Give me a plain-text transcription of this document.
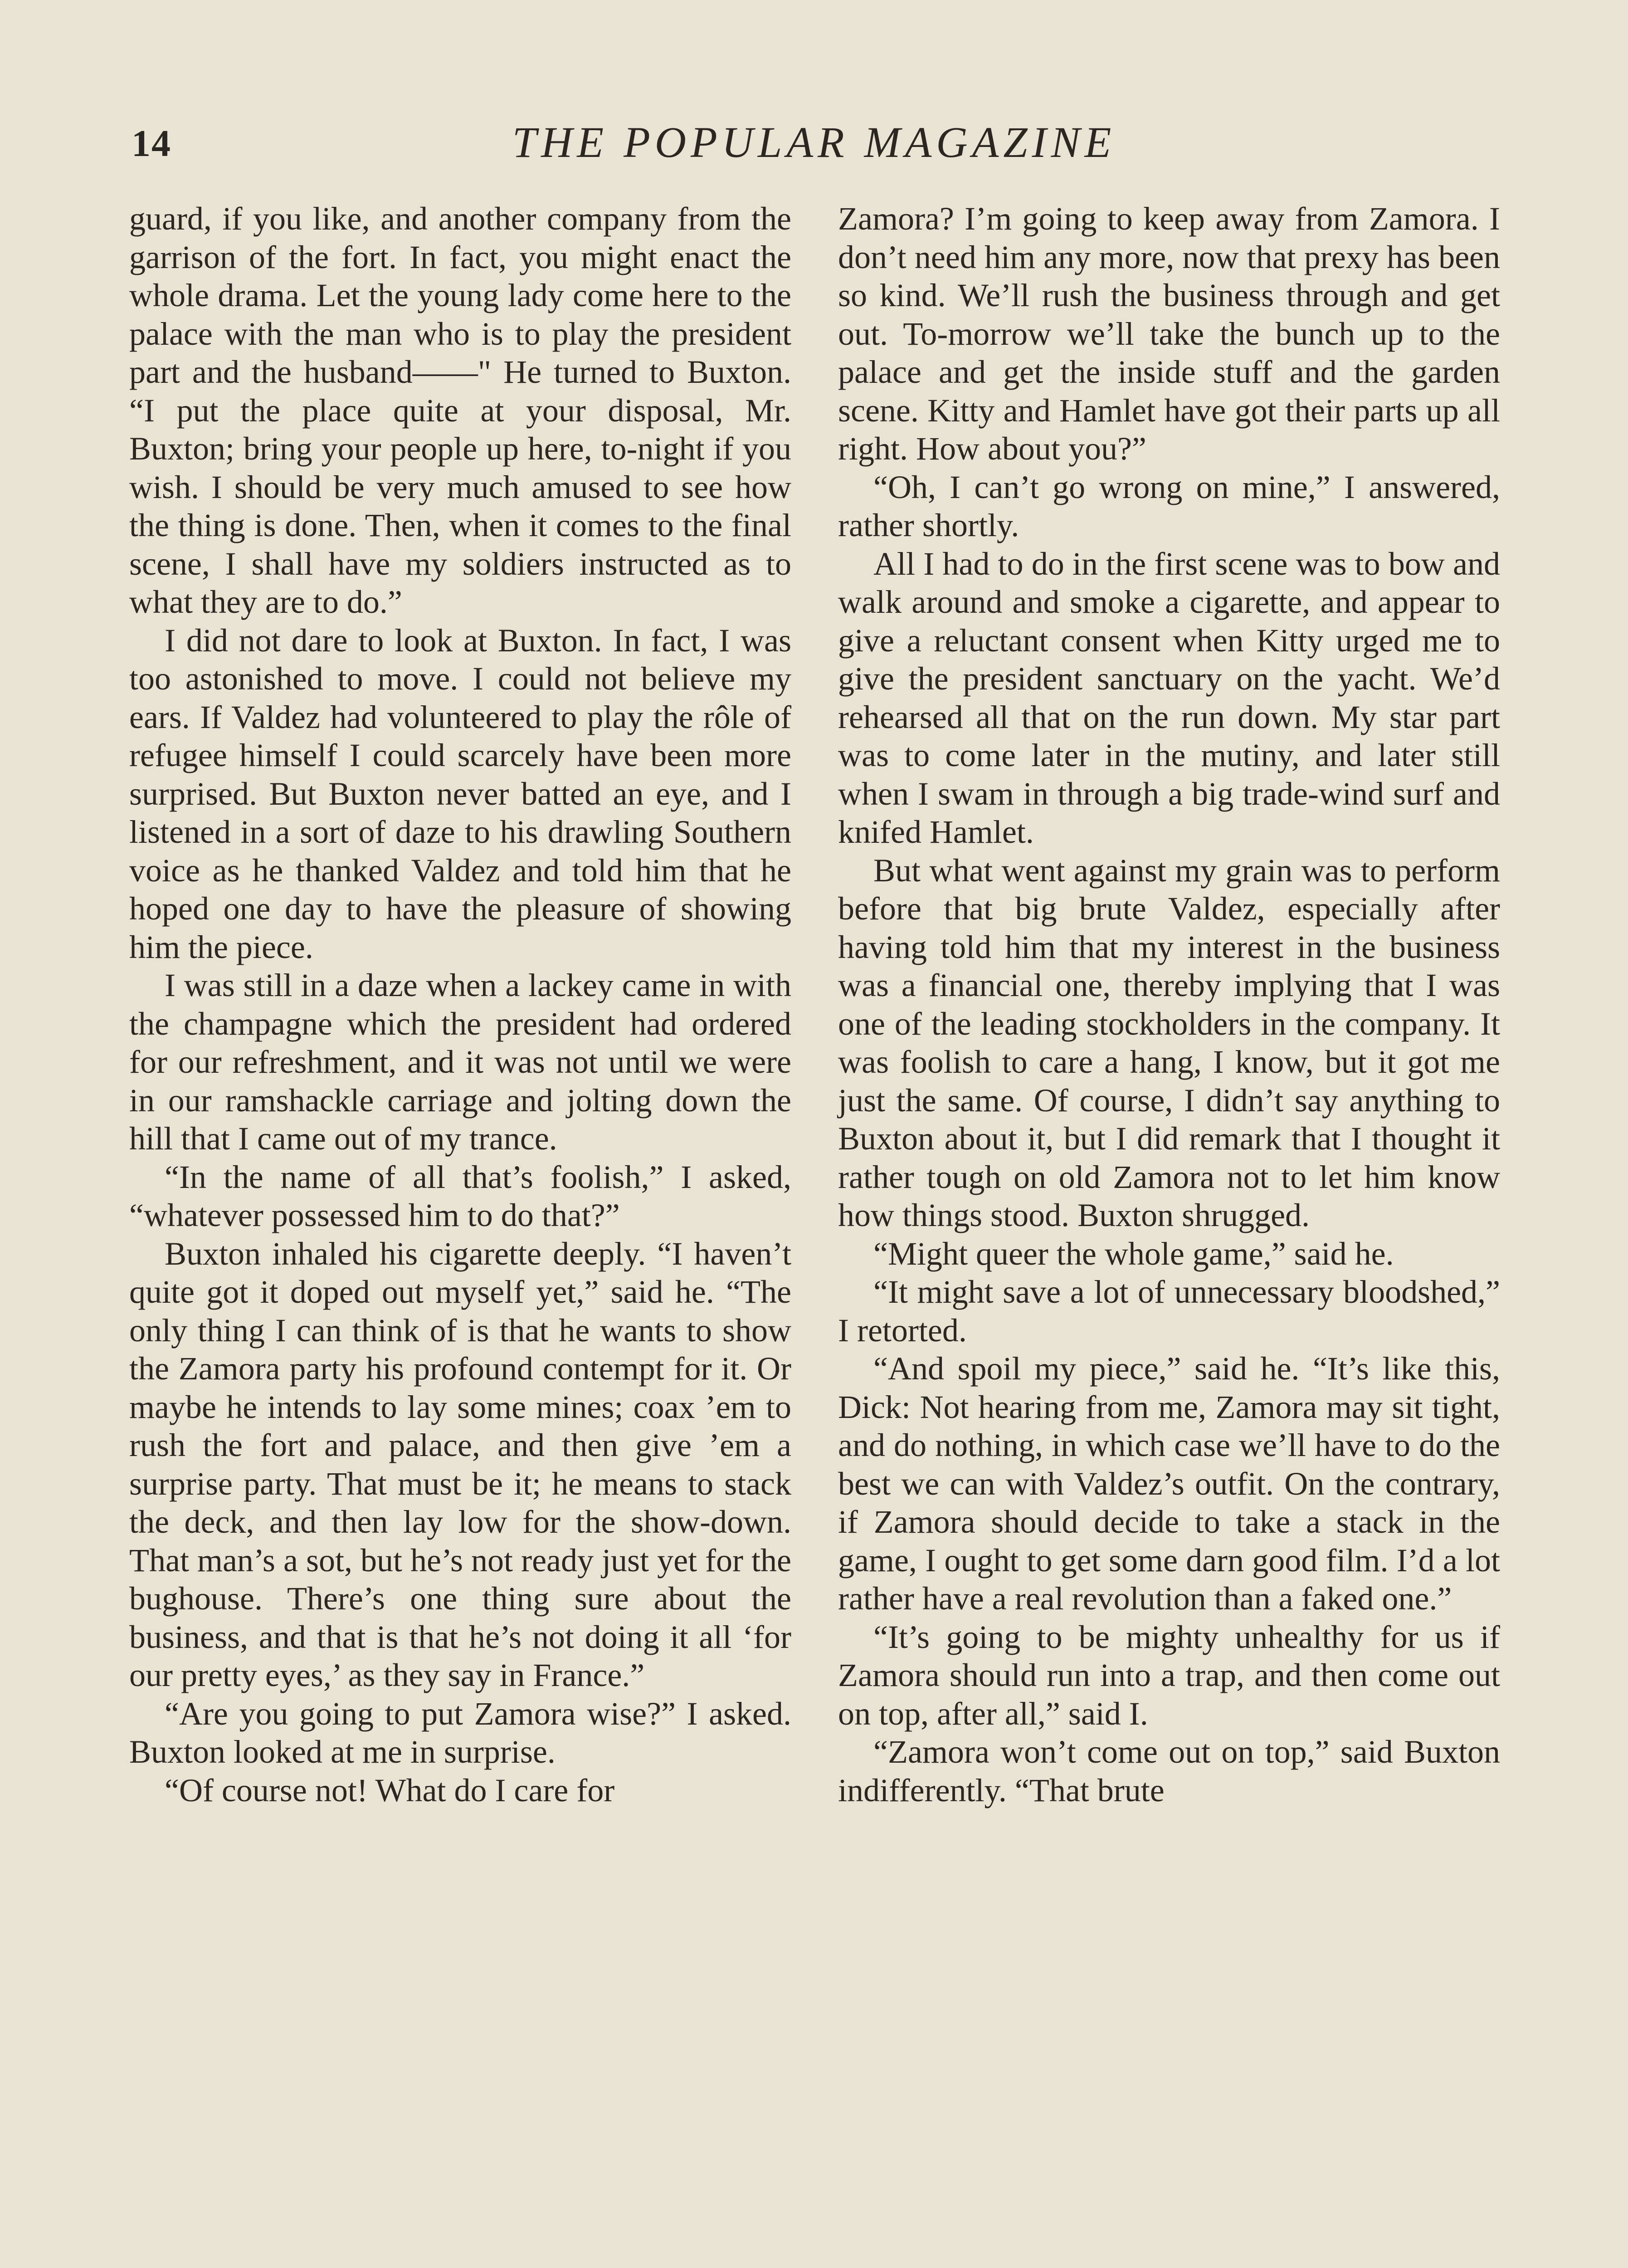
14	THE POPULAR MAGAZINE

guard, if you like, and another company from the garrison of the fort. In fact, you might enact the whole drama. Let the young lady come here to the palace with the man who is to play the president part and the husband——" He turned to Buxton. “I put the place quite at your disposal, Mr. Buxton; bring your people up here, to-night if you wish. I should be very much amused to see how the thing is done. Then, when it comes to the final scene, I shall have my soldiers instructed as to what they are to do.”

I did not dare to look at Buxton. In fact, I was too astonished to move. I could not believe my ears. If Valdez had volunteered to play the rôle of refugee himself I could scarcely have been more surprised. But Buxton never batted an eye, and I listened in a sort of daze to his drawling Southern voice as he thanked Valdez and told him that he hoped one day to have the pleasure of showing him the piece.

I was still in a daze when a lackey came in with the champagne which the president had ordered for our refreshment, and it was not until we were in our ramshackle carriage and jolting down the hill that I came out of my trance.

“In the name of all that’s foolish,” I asked, “whatever possessed him to do that?”

Buxton inhaled his cigarette deeply. “I haven’t quite got it doped out myself yet,” said he. “The only thing I can think of is that he wants to show the Zamora party his profound contempt for it. Or maybe he intends to lay some mines; coax ’em to rush the fort and palace, and then give ’em a surprise party. That must be it; he means to stack the deck, and then lay low for the show-down. That man’s a sot, but he’s not ready just yet for the bughouse. There’s one thing sure about the business, and that is that he’s not doing it all ‘for our pretty eyes,’ as they say in France.”

“Are you going to put Zamora wise?” I asked. Buxton looked at me in surprise.

“Of course not! What do I care for

Zamora? I’m going to keep away from Zamora. I don’t need him any more, now that prexy has been so kind. We’ll rush the business through and get out. To-morrow we’ll take the bunch up to the palace and get the inside stuff and the garden scene. Kitty and Hamlet have got their parts up all right. How about you?”

“Oh, I can’t go wrong on mine,” I answered, rather shortly.

All I had to do in the first scene was to bow and walk around and smoke a cigarette, and appear to give a reluctant consent when Kitty urged me to give the president sanctuary on the yacht. We’d rehearsed all that on the run down. My star part was to come later in the mutiny, and later still when I swam in through a big trade-wind surf and knifed Hamlet.

But what went against my grain was to perform before that big brute Valdez, especially after having told him that my interest in the business was a financial one, thereby implying that I was one of the leading stockholders in the company. It was foolish to care a hang, I know, but it got me just the same. Of course, I didn’t say anything to Buxton about it, but I did remark that I thought it rather tough on old Zamora not to let him know how things stood. Buxton shrugged.

“Might queer the whole game,” said he.

“It might save a lot of unnecessary bloodshed,” I retorted.

“And spoil my piece,” said he. “It’s like this, Dick: Not hearing from me, Zamora may sit tight, and do nothing, in which case we’ll have to do the best we can with Valdez’s outfit. On the contrary, if Zamora should decide to take a stack in the game, I ought to get some darn good film. I’d a lot rather have a real revolution than a faked one.”

“It’s going to be mighty unhealthy for us if Zamora should run into a trap, and then come out on top, after all,” said I.

“Zamora won’t come out on top,” said Buxton indifferently. “That brute
